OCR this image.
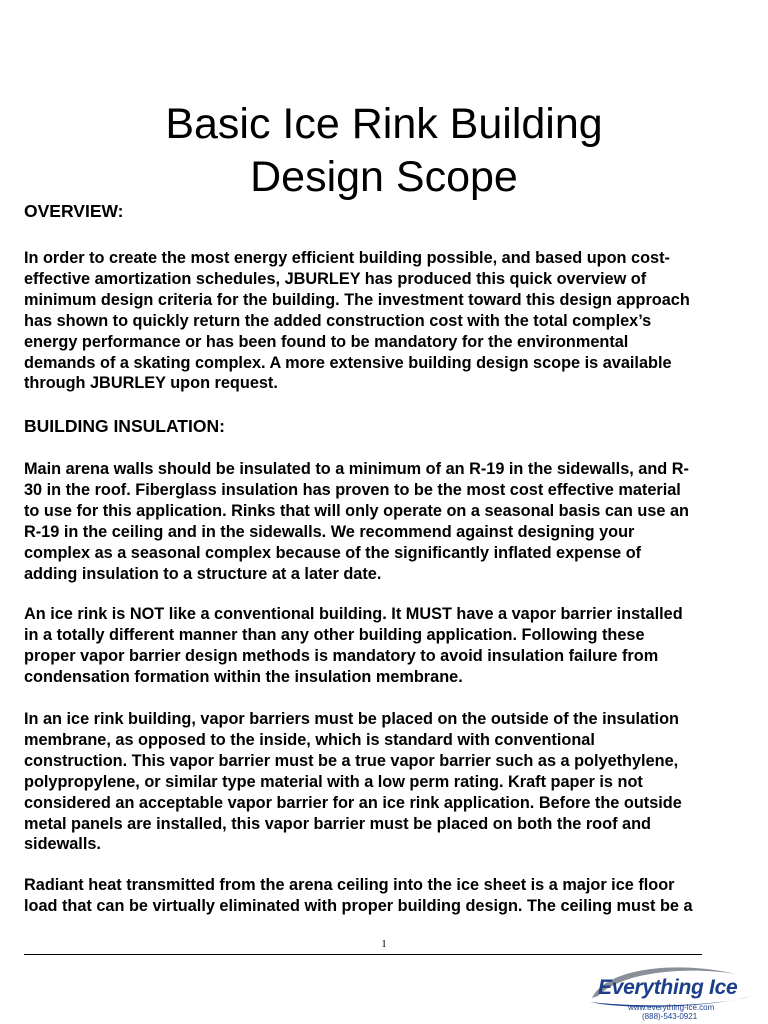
Basic Ice Rink Building
Design Scope
OVERVIEW:
In order to create the most energy efficient building possible, and based upon cost-
effective amortization schedules, JBURLEY has produced this quick overview of
minimum design criteria for the building. The investment toward this design approach
has shown to quickly return the added construction cost with the total complex’s
energy performance or has been found to be mandatory for the environmental
demands of a skating complex. A more extensive building design scope is available
through JBURLEY upon request.
BUILDING INSULATION:
Main arena walls should be insulated to a minimum of an R-19 in the sidewalls, and R-
30 in the roof. Fiberglass insulation has proven to be the most cost effective material
to use for this application. Rinks that will only operate on a seasonal basis can use an
R-19 in the ceiling and in the sidewalls. We recommend against designing your
complex as a seasonal complex because of the significantly inflated expense of
adding insulation to a structure at a later date.
An ice rink is NOT like a conventional building. It MUST have a vapor barrier installed
in a totally different manner than any other building application. Following these
proper vapor barrier design methods is mandatory to avoid insulation failure from
condensation formation within the insulation membrane.
In an ice rink building, vapor barriers must be placed on the outside of the insulation
membrane, as opposed to the inside, which is standard with conventional
construction. This vapor barrier must be a true vapor barrier such as a polyethylene,
polypropylene, or similar type material with a low perm rating. Kraft paper is not
considered an acceptable vapor barrier for an ice rink application. Before the outside
metal panels are installed, this vapor barrier must be placed on both the roof and
sidewalls.
Radiant heat transmitted from the arena ceiling into the ice sheet is a major ice floor
load that can be virtually eliminated with proper building design. The ceiling must be a
1
Everything Ice
www.everything-ice.com
(888)-543-0921
